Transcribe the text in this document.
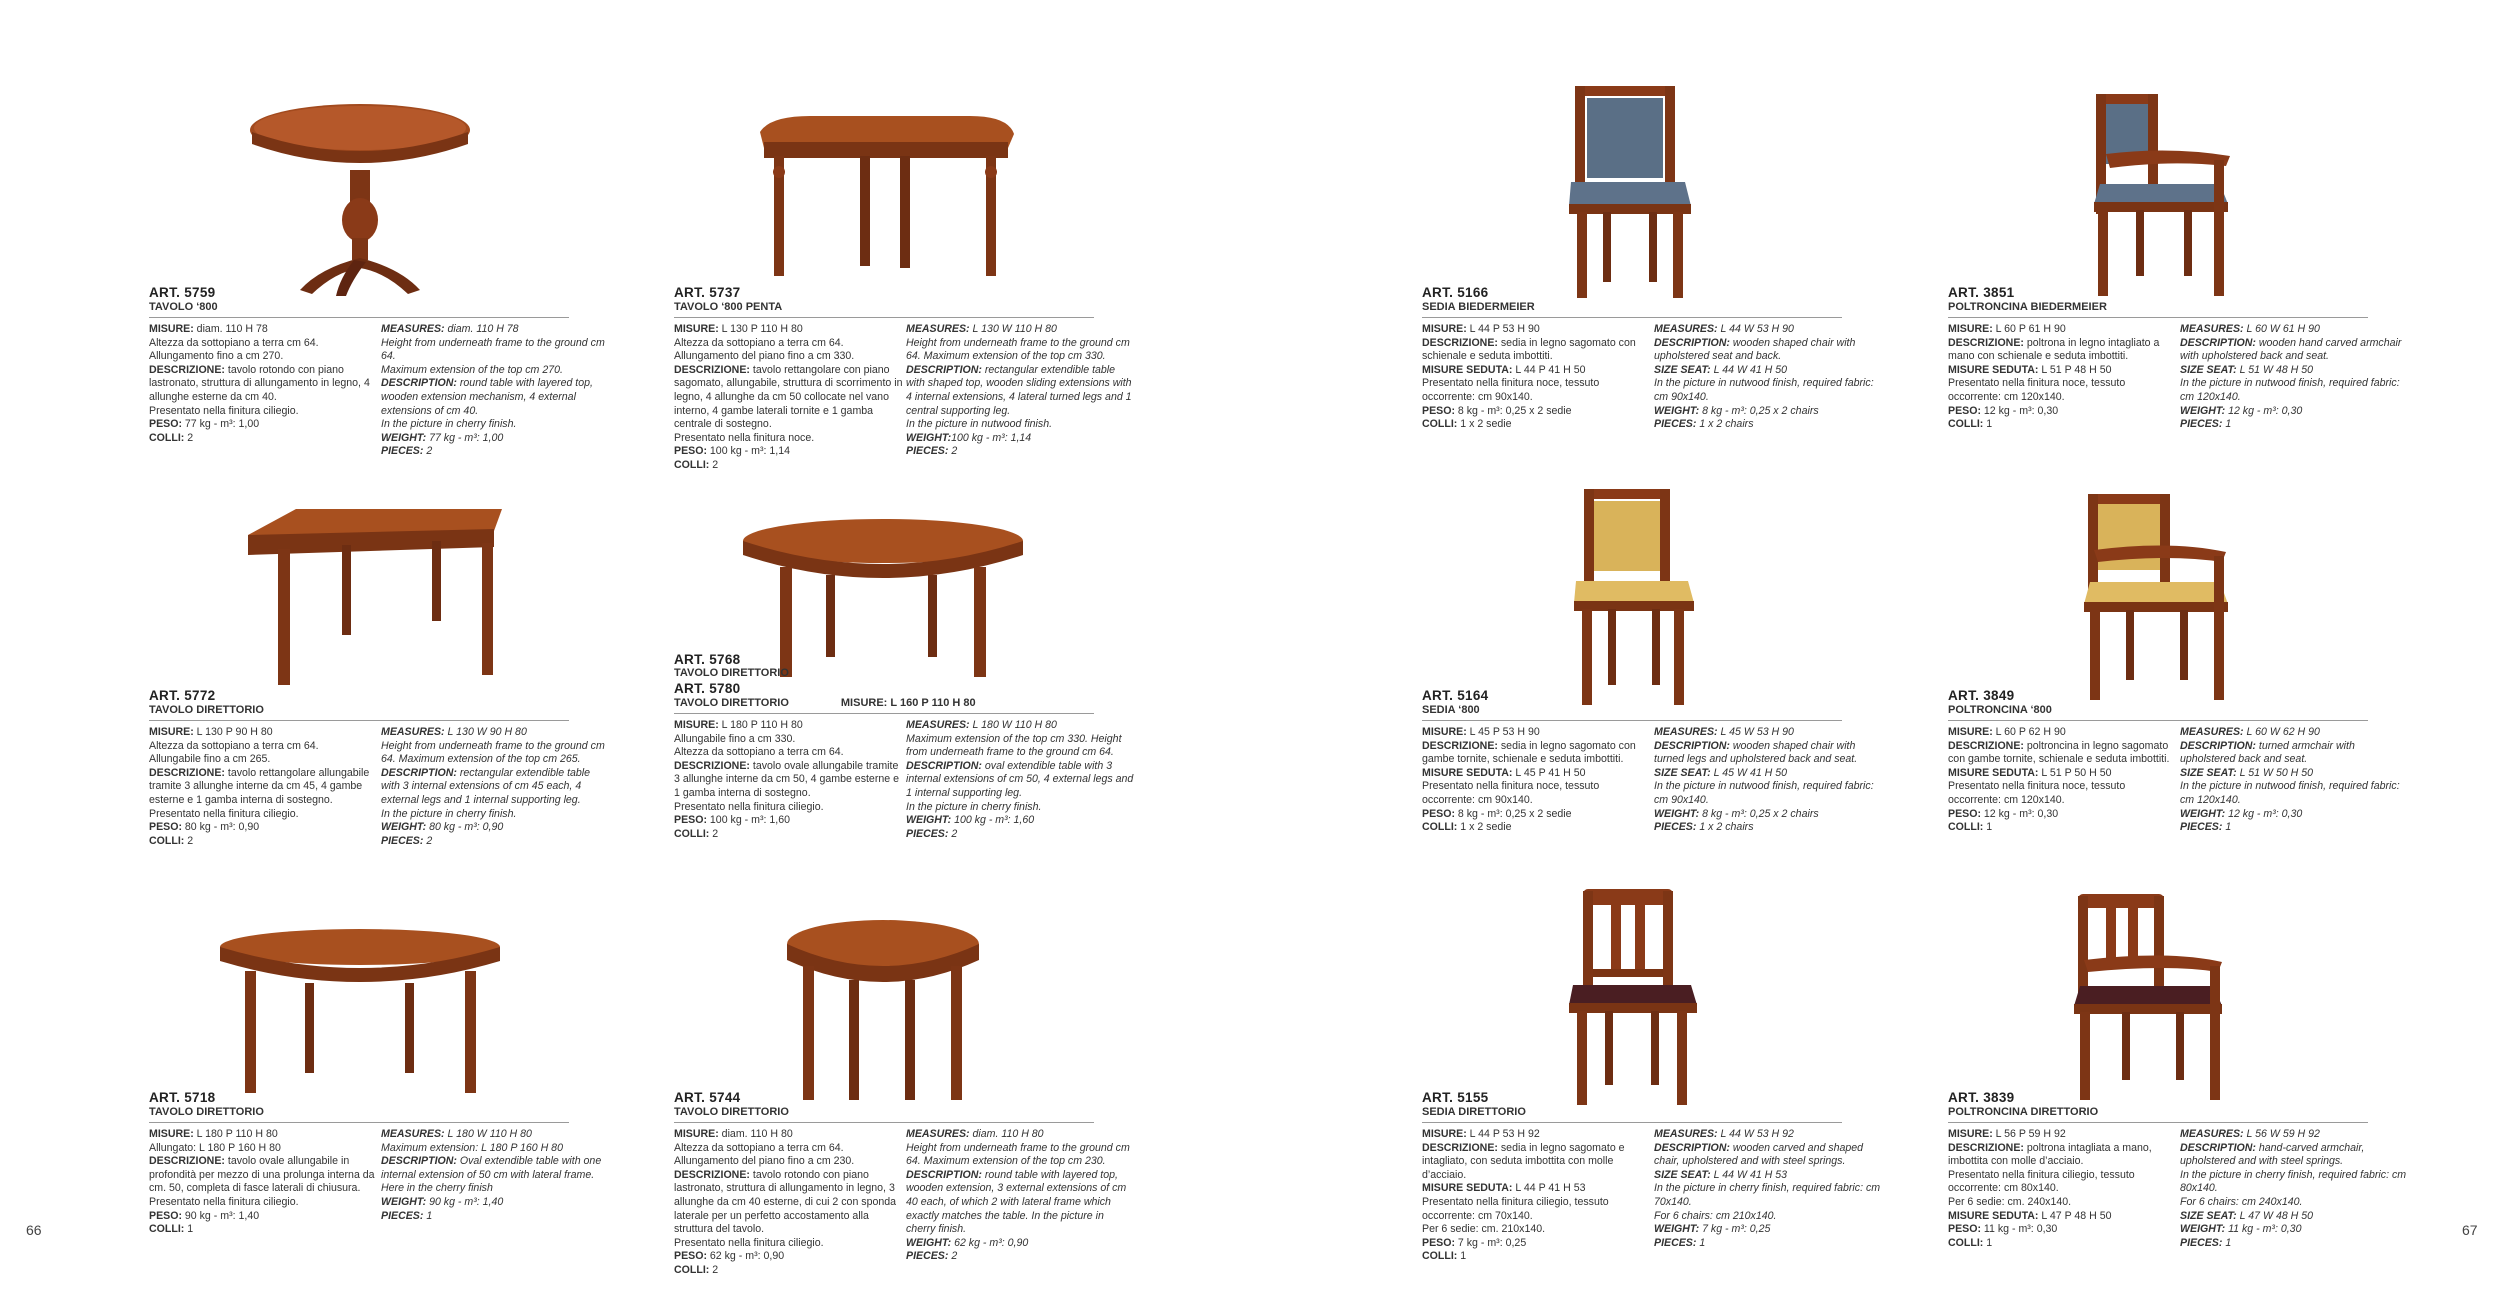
66	67
ART. 5759
TAVOLO ‘800

MISURE: diam. 110 H 78

Altezza da sottopiano a terra cm 64.

Allungamento fino a cm 270.

DESCRIZIONE: tavolo rotondo con piano lastronato, struttura di allungamento in legno, 4 allunghe esterne da cm 40.

Presentato nella finitura ciliegio.

PESO: 77 kg - m³: 1,00

COLLI: 2

MEASURES: diam. 110 H 78

Height from underneath frame to the ground cm 64.

Maximum extension of the top cm 270.

DESCRIPTION: round table with layered top, wooden extension mechanism, 4 external extensions of cm 40.

In the picture in cherry finish.

WEIGHT: 77 kg - m³: 1,00

PIECES: 2

ART. 5737
TAVOLO ‘800 PENTA

MISURE: L 130 P 110 H 80

Altezza da sottopiano a terra cm 64.

Allungamento del piano fino a cm 330.

DESCRIZIONE: tavolo rettangolare con piano sagomato, allungabile, struttura di scorrimento in legno, 4 allunghe da cm 50 collocate nel vano interno, 4 gambe laterali tornite e 1 gamba centrale di sostegno.

Presentato nella finitura noce.

PESO: 100 kg - m³: 1,14

COLLI: 2

MEASURES: L 130 W 110 H 80

Height from underneath frame to the ground cm 64. Maximum extension of the top cm 330.

DESCRIPTION: rectangular extendible table with shaped top, wooden sliding extensions with 4 internal extensions, 4 lateral turned legs and 1 central supporting leg.

In the picture in nutwood finish.

WEIGHT:100 kg - m³: 1,14

PIECES: 2

ART. 5166
SEDIA BIEDERMEIER

MISURE: L 44 P 53 H 90

DESCRIZIONE: sedia in legno sagomato con schienale e seduta imbottiti.

MISURE SEDUTA: L 44 P 41 H 50

Presentato nella finitura noce, tessuto occorrente: cm 90x140.

PESO: 8 kg - m³: 0,25 x 2 sedie

COLLI: 1 x 2 sedie

MEASURES: L 44 W 53 H 90

DESCRIPTION: wooden shaped chair with upholstered seat and back.

SIZE SEAT: L 44 W 41 H 50

In the picture in nutwood finish, required fabric: cm 90x140.

WEIGHT: 8 kg - m³: 0,25 x 2 chairs

PIECES: 1 x 2 chairs

ART. 3851
POLTRONCINA BIEDERMEIER

MISURE: L 60 P 61 H 90

DESCRIZIONE: poltrona in legno intagliato a mano con schienale e seduta imbottiti.

MISURE SEDUTA: L 51 P 48 H 50

Presentato nella finitura noce, tessuto occorrente: cm 120x140.

PESO: 12 kg - m³: 0,30

COLLI: 1

MEASURES: L 60 W 61 H 90

DESCRIPTION: wooden hand carved armchair with upholstered back and seat.

SIZE SEAT: L 51 W 48 H 50

In the picture in nutwood finish, required fabric: cm 120x140.

WEIGHT: 12 kg - m³: 0,30

PIECES: 1

ART. 5772
TAVOLO DIRETTORIO

MISURE: L 130 P 90 H 80

Altezza da sottopiano a terra cm 64.

Allungabile fino a cm 265.

DESCRIZIONE: tavolo rettangolare allungabile tramite 3 allunghe interne da cm 45, 4 gambe esterne e 1 gamba interna di sostegno.

Presentato nella finitura ciliegio.

PESO: 80 kg - m³: 0,90

COLLI: 2

MEASURES: L 130 W 90 H 80

Height from underneath frame to the ground cm 64. Maximum extension of the top cm 265.

DESCRIPTION: rectangular extendible table with 3 internal extensions of cm 45 each, 4 external legs and 1 internal supporting leg.

In the picture in cherry finish.

WEIGHT: 80 kg - m³: 0,90

PIECES: 2

ART. 5768
TAVOLO DIRETTORIO
ART. 5780
TAVOLO DIRETTORIO	MISURE: L 160 P 110 H 80

MISURE: L 180 P 110 H 80

Allungabile fino a cm 330.

Altezza da sottopiano a terra cm 64.

DESCRIZIONE: tavolo ovale allungabile tramite 3 allunghe interne da cm 50, 4 gambe esterne e 1 gamba interna di sostegno.

Presentato nella finitura ciliegio.

PESO: 100 kg - m³: 1,60

COLLI: 2

MEASURES: L 180 W 110 H 80

Maximum extension of the top cm 330. Height from underneath frame to the ground cm 64.

DESCRIPTION: oval extendible table with 3 internal extensions of cm 50, 4 external legs and 1 internal supporting leg.

In the picture in cherry finish.

WEIGHT: 100 kg - m³: 1,60

PIECES: 2

ART. 5164
SEDIA ‘800

MISURE: L 45 P 53 H 90

DESCRIZIONE: sedia in legno sagomato con gambe tornite, schienale e seduta imbottiti.

MISURE SEDUTA: L 45 P 41 H 50

Presentato nella finitura noce, tessuto occorrente: cm 90x140.

PESO: 8 kg - m³: 0,25 x 2 sedie

COLLI: 1 x 2 sedie

MEASURES: L 45 W 53 H 90

DESCRIPTION: wooden shaped chair with turned legs and upholstered back and seat.

SIZE SEAT: L 45 W 41 H 50

In the picture in nutwood finish, required fabric: cm 90x140.

WEIGHT: 8 kg - m³: 0,25 x 2 chairs

PIECES: 1 x 2 chairs

ART. 3849
POLTRONCINA ‘800

MISURE: L 60 P 62 H 90

DESCRIZIONE: poltroncina in legno sagomato con gambe tornite, schienale e seduta imbottiti.

MISURE SEDUTA: L 51 P 50 H 50

Presentato nella finitura noce, tessuto occorrente: cm 120x140.

PESO: 12 kg - m³: 0,30

COLLI: 1

MEASURES: L 60 W 62 H 90

DESCRIPTION: turned armchair with upholstered back and seat.

SIZE SEAT: L 51 W 50 H 50

In the picture in nutwood finish, required fabric: cm 120x140.

WEIGHT: 12 kg - m³: 0,30

PIECES: 1

ART. 5718
TAVOLO DIRETTORIO

MISURE: L 180 P 110 H 80

Allungato: L 180 P 160 H 80

DESCRIZIONE: tavolo ovale allungabile in profondità per mezzo di una prolunga interna da cm. 50, completa di fasce laterali di chiusura. Presentato nella finitura ciliegio.

PESO: 90 kg - m³: 1,40

COLLI: 1

MEASURES: L 180 W 110 H 80

Maximum extension: L 180 P 160 H 80

DESCRIPTION: Oval extendible table with one internal extension of 50 cm with lateral frame. Here in the cherry finish

WEIGHT: 90 kg - m³: 1,40

PIECES: 1

ART. 5744
TAVOLO DIRETTORIO

MISURE: diam. 110 H 80

Altezza da sottopiano a terra cm 64.

Allungamento del piano fino a cm 230.

DESCRIZIONE: tavolo rotondo con piano lastronato, struttura di allungamento in legno, 3 allunghe da cm 40 esterne, di cui 2 con sponda laterale per un perfetto accostamento alla struttura del tavolo.

Presentato nella finitura ciliegio.

PESO: 62 kg - m³: 0,90

COLLI: 2

MEASURES: diam. 110 H 80

Height from underneath frame to the ground cm 64. Maximum extension of the top cm 230.

DESCRIPTION: round table with layered top, wooden extension, 3 external extensions of cm 40 each, of which 2 with lateral frame which exactly matches the table. In the picture in cherry finish.

WEIGHT: 62 kg - m³: 0,90

PIECES: 2

ART. 5155
SEDIA DIRETTORIO

MISURE: L 44 P 53 H 92

DESCRIZIONE: sedia in legno sagomato e intagliato, con seduta imbottita con molle d’acciaio.

MISURE SEDUTA: L 44 P 41 H 53

Presentato nella finitura ciliegio, tessuto occorrente: cm 70x140.

Per 6 sedie: cm. 210x140.

PESO: 7 kg - m³: 0,25

COLLI: 1

MEASURES: L 44 W 53 H 92

DESCRIPTION: wooden carved and shaped chair, upholstered and with steel springs.

SIZE SEAT: L 44 W 41 H 53

In the picture in cherry finish, required fabric: cm 70x140.

For 6 chairs: cm 210x140.

WEIGHT: 7 kg - m³: 0,25

PIECES: 1

ART. 3839
POLTRONCINA DIRETTORIO

MISURE: L 56 P 59 H 92

DESCRIZIONE: poltrona intagliata a mano, imbottita con molle d’acciaio.

Presentato nella finitura ciliegio, tessuto occorrente: cm 80x140.

Per 6 sedie: cm. 240x140.

MISURE SEDUTA: L 47 P 48 H 50

PESO: 11 kg - m³: 0,30

COLLI: 1

MEASURES: L 56 W 59 H 92

DESCRIPTION: hand-carved armchair, upholstered and with steel springs.

In the picture in cherry finish, required fabric: cm 80x140.

For 6 chairs: cm 240x140.

SIZE SEAT: L 47 W 48 H 50

WEIGHT: 11 kg - m³: 0,30

PIECES: 1
